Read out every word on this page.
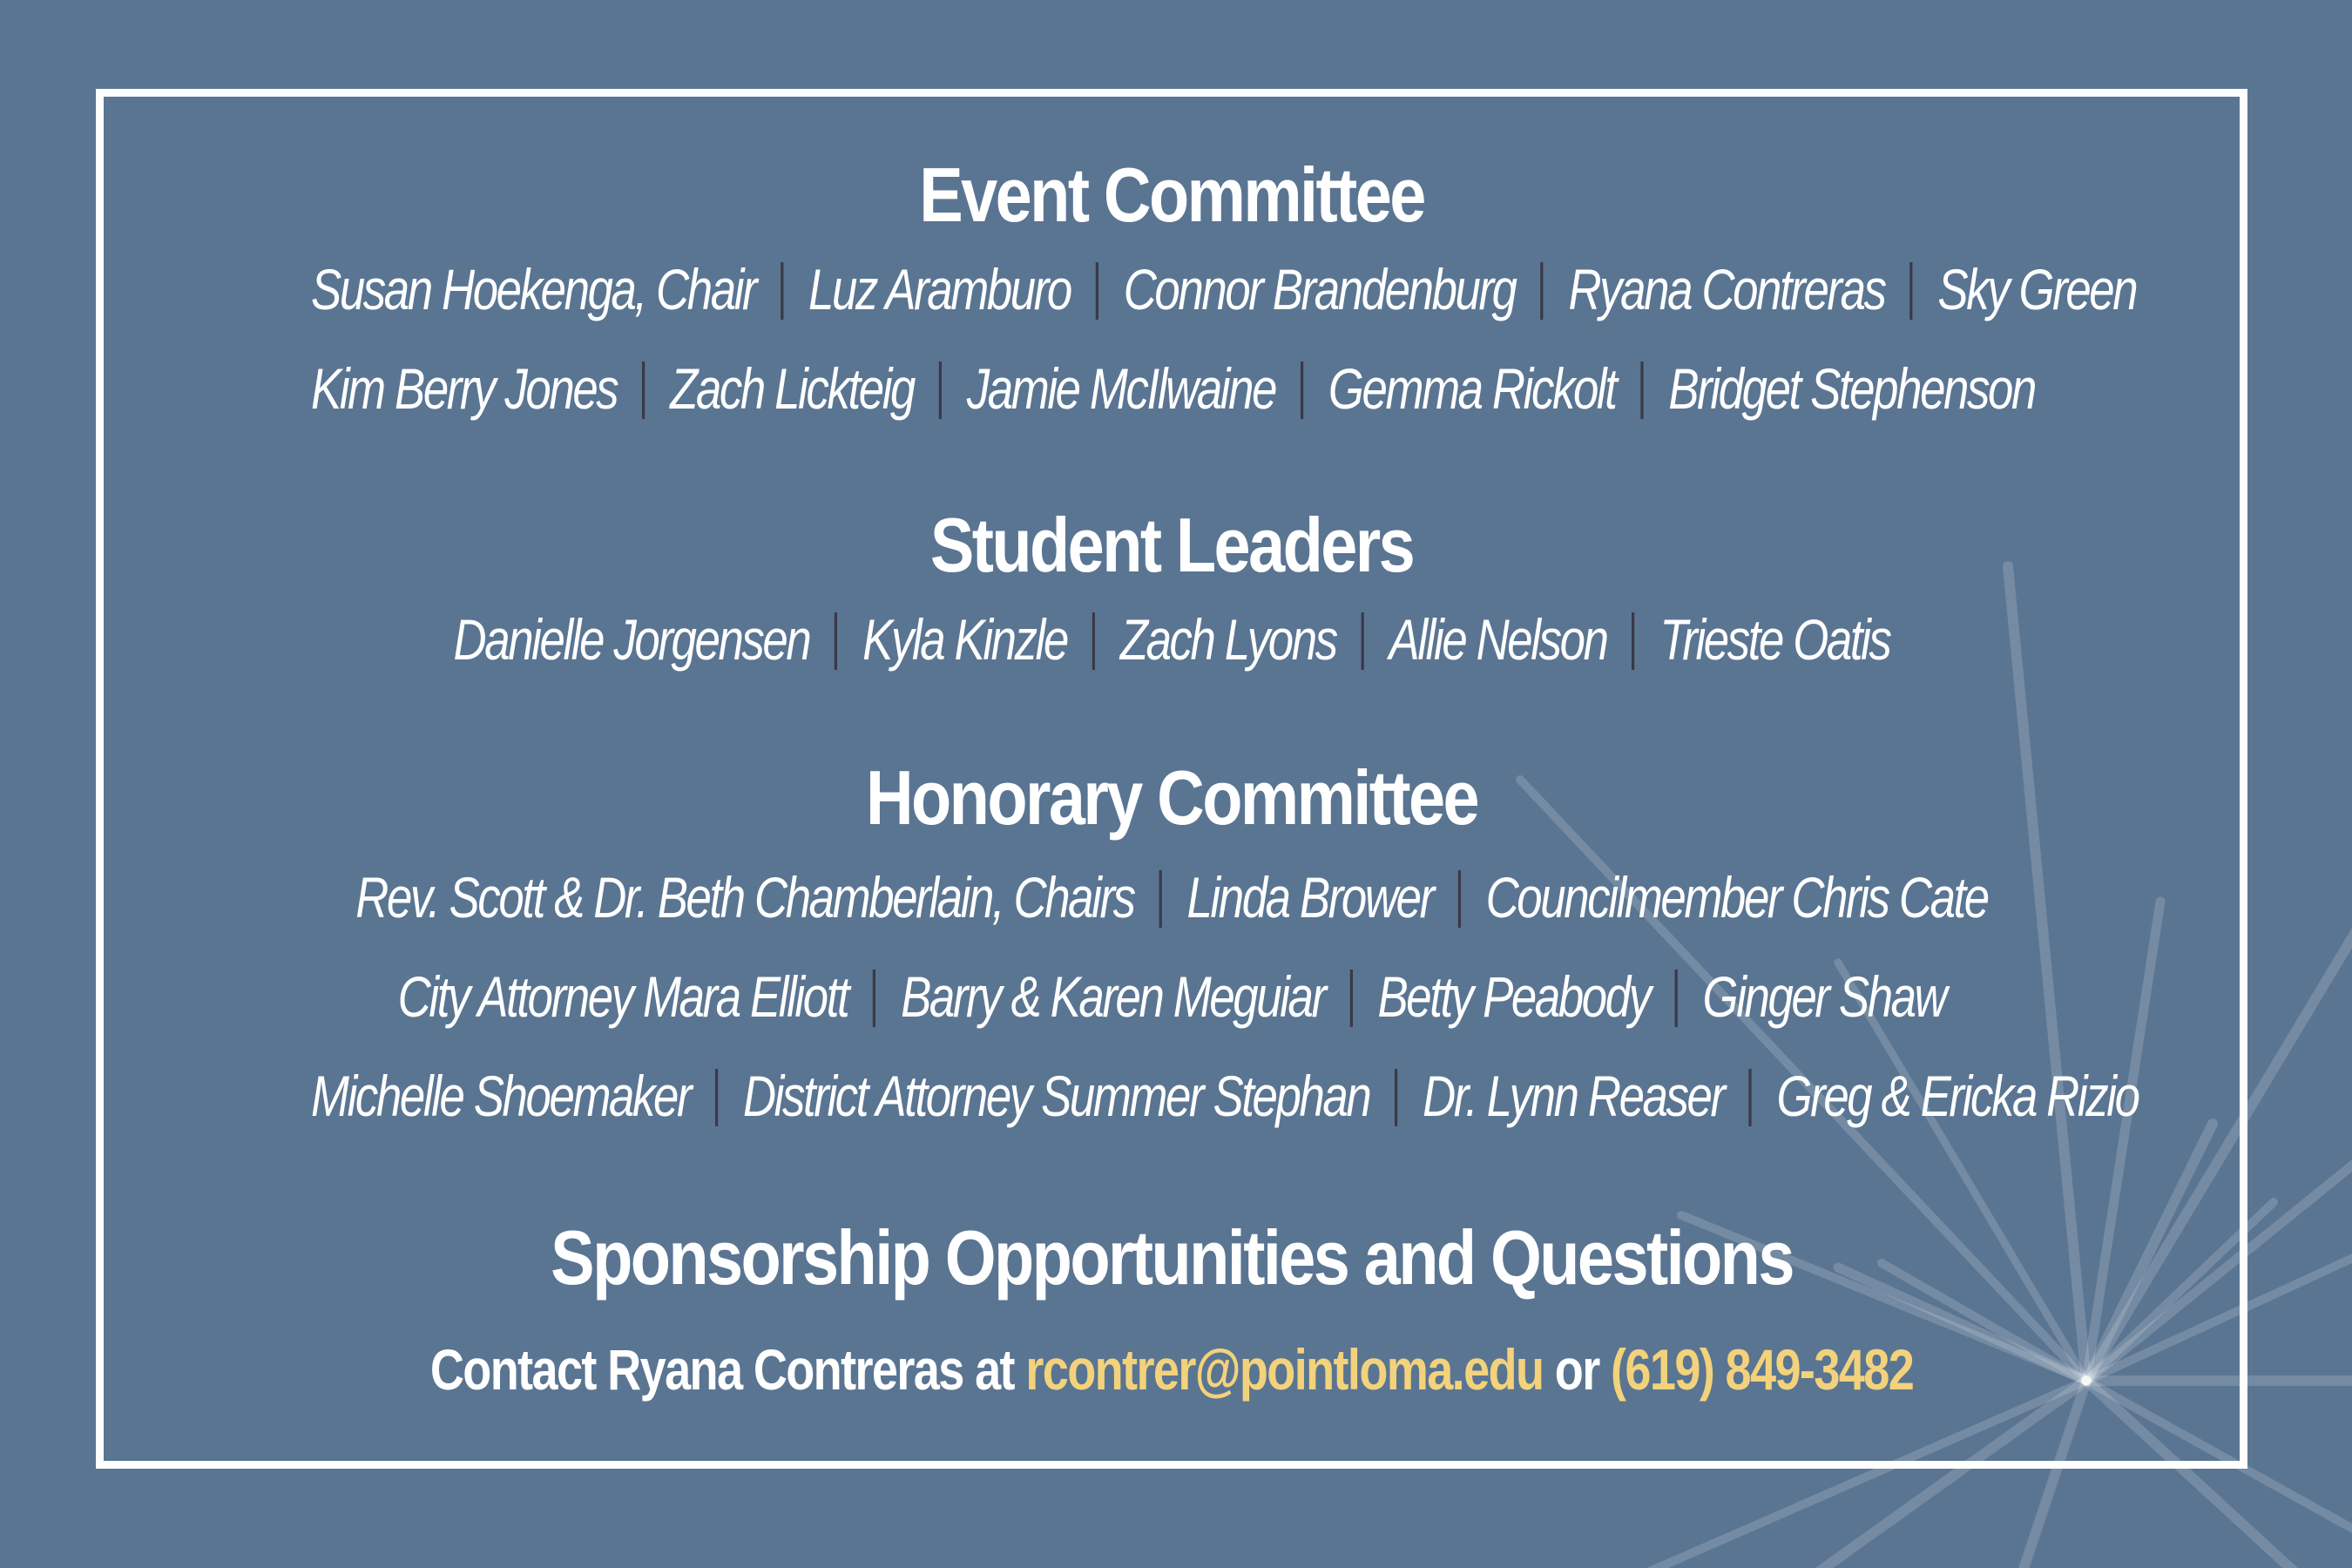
Event Committee
Susan Hoekenga, Chair Luz Aramburo Connor Brandenburg Ryana Contreras Sky Green
Kim Berry Jones Zach Lickteig Jamie McIlwaine Gemma Rickolt Bridget Stephenson
Student Leaders
Danielle Jorgensen Kyla Kinzle Zach Lyons Allie Nelson Trieste Oatis
Honorary Committee
Rev. Scott & Dr. Beth Chamberlain, Chairs Linda Brower Councilmember Chris Cate
City Attorney Mara Elliott Barry & Karen Meguiar Betty Peabody Ginger Shaw
Michelle Shoemaker District Attorney Summer Stephan Dr. Lynn Reaser Greg & Ericka Rizio
Sponsorship Opportunities and Questions
Contact Ryana Contreras at rcontrer@pointloma.edu or (619) 849-3482
